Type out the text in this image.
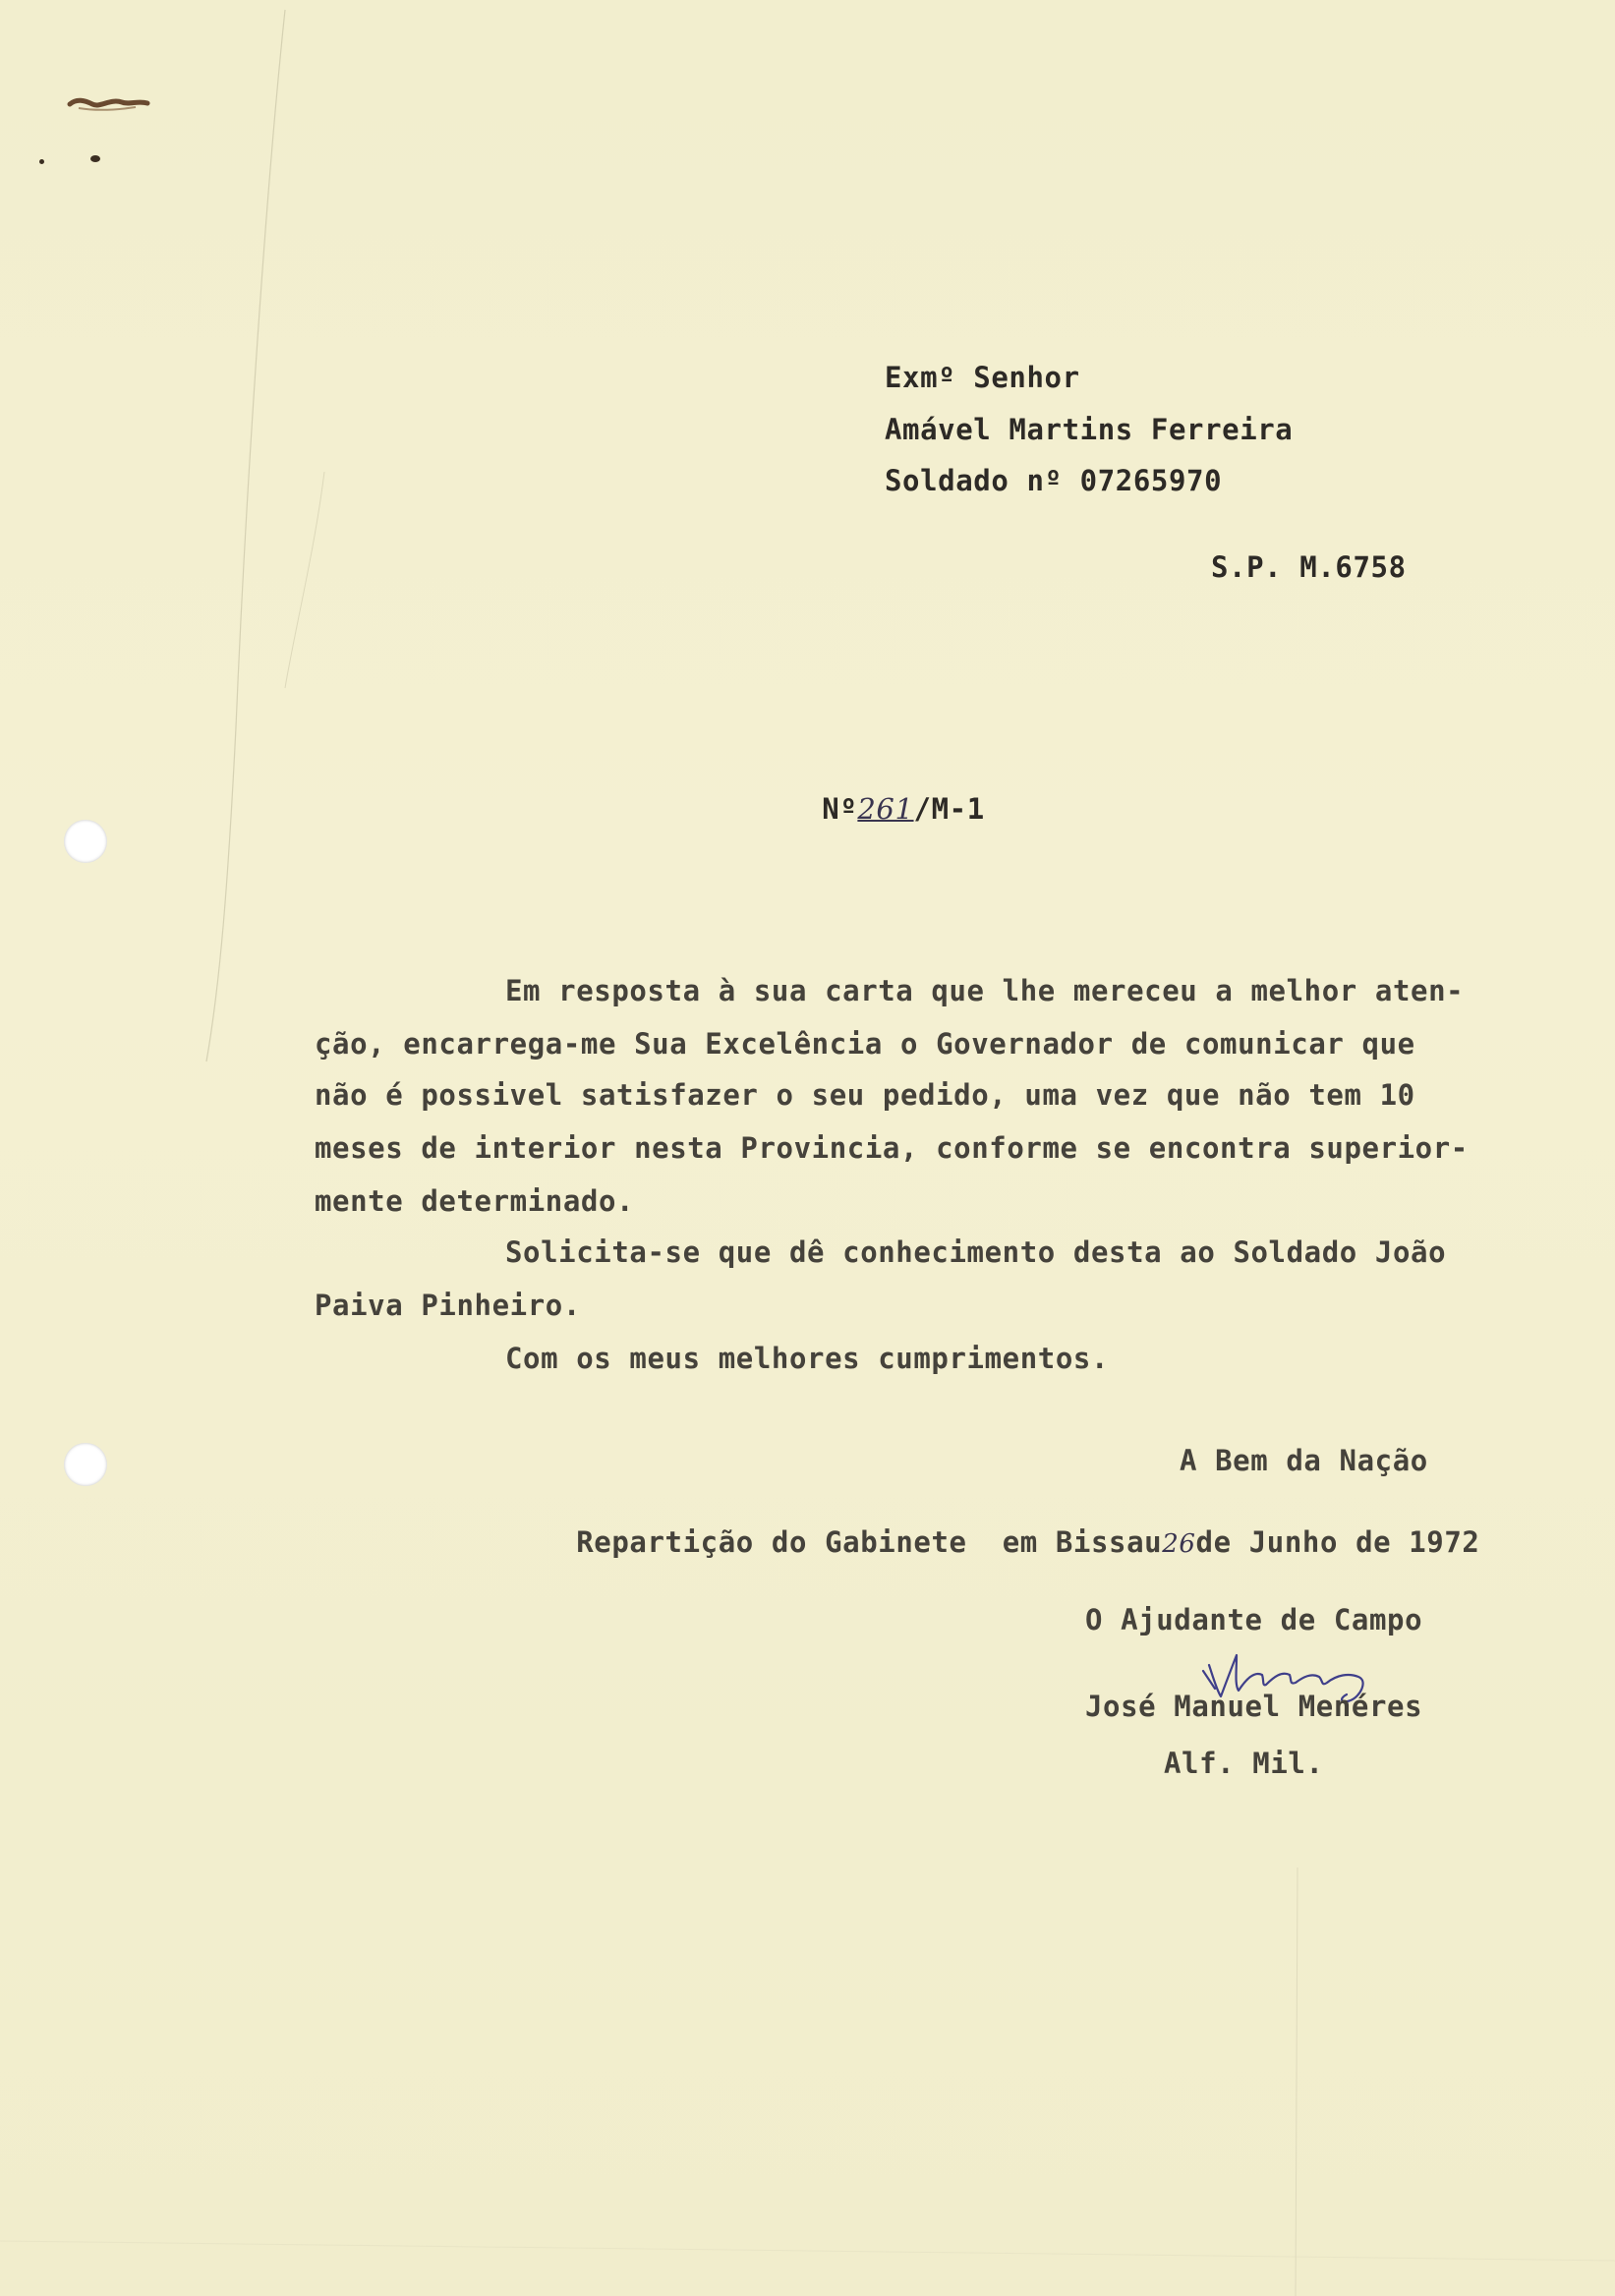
Exmº Senhor
Amável Martins Ferreira
Soldado nº 07265970
S.P. M.6758

Nº261/M-1

Em resposta à sua carta que lhe mereceu a melhor aten-
ção, encarrega-me Sua Excelência o Governador de comunicar que
não é possivel satisfazer o seu pedido, uma vez que não tem 10
meses de interior nesta Provincia, conforme se encontra superior-
mente determinado.
Solicita-se que dê conhecimento desta ao Soldado João
Paiva Pinheiro.
Com os meus melhores cumprimentos.
A Bem da Nação

Repartição do Gabinete em Bissau26de Junho de 1972

O Ajudante de Campo
José Manuel Menéres
Alf. Mil.
